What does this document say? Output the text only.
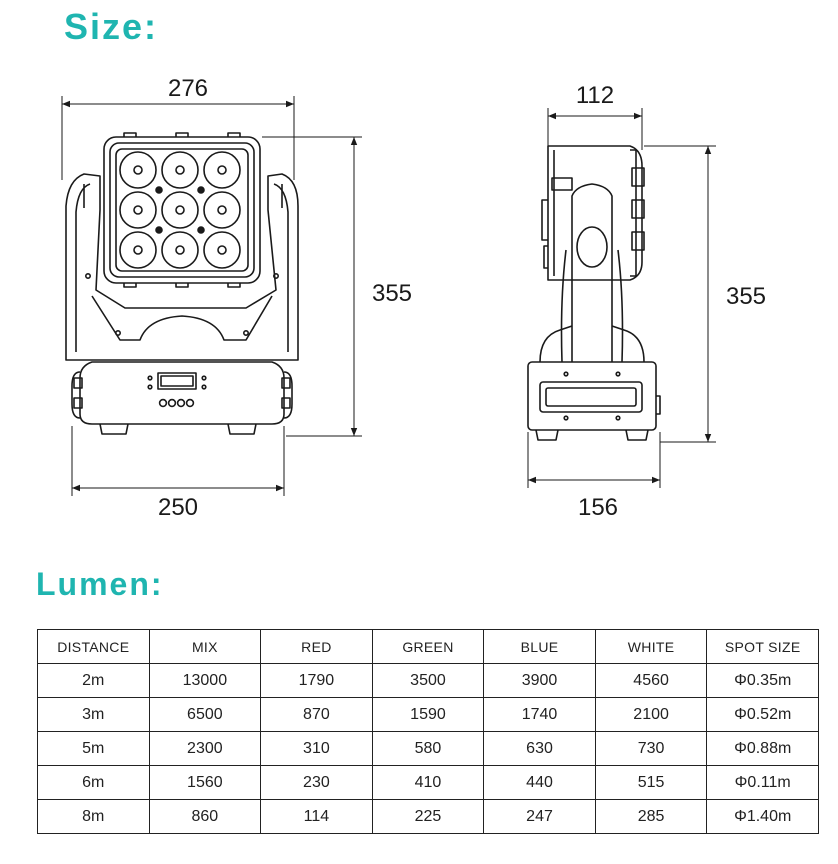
Size:
276
355
250
112
355
156
Lumen:
DISTANCE	MIX	RED	GREEN	BLUE	WHITE	SPOT SIZE
2m	13000	1790	3500	3900	4560	Φ0.35m
3m	6500	870	1590	1740	2100	Φ0.52m
5m	2300	310	580	630	730	Φ0.88m
6m	1560	230	410	440	515	Φ0.11m
8m	860	114	225	247	285	Φ1.40m
